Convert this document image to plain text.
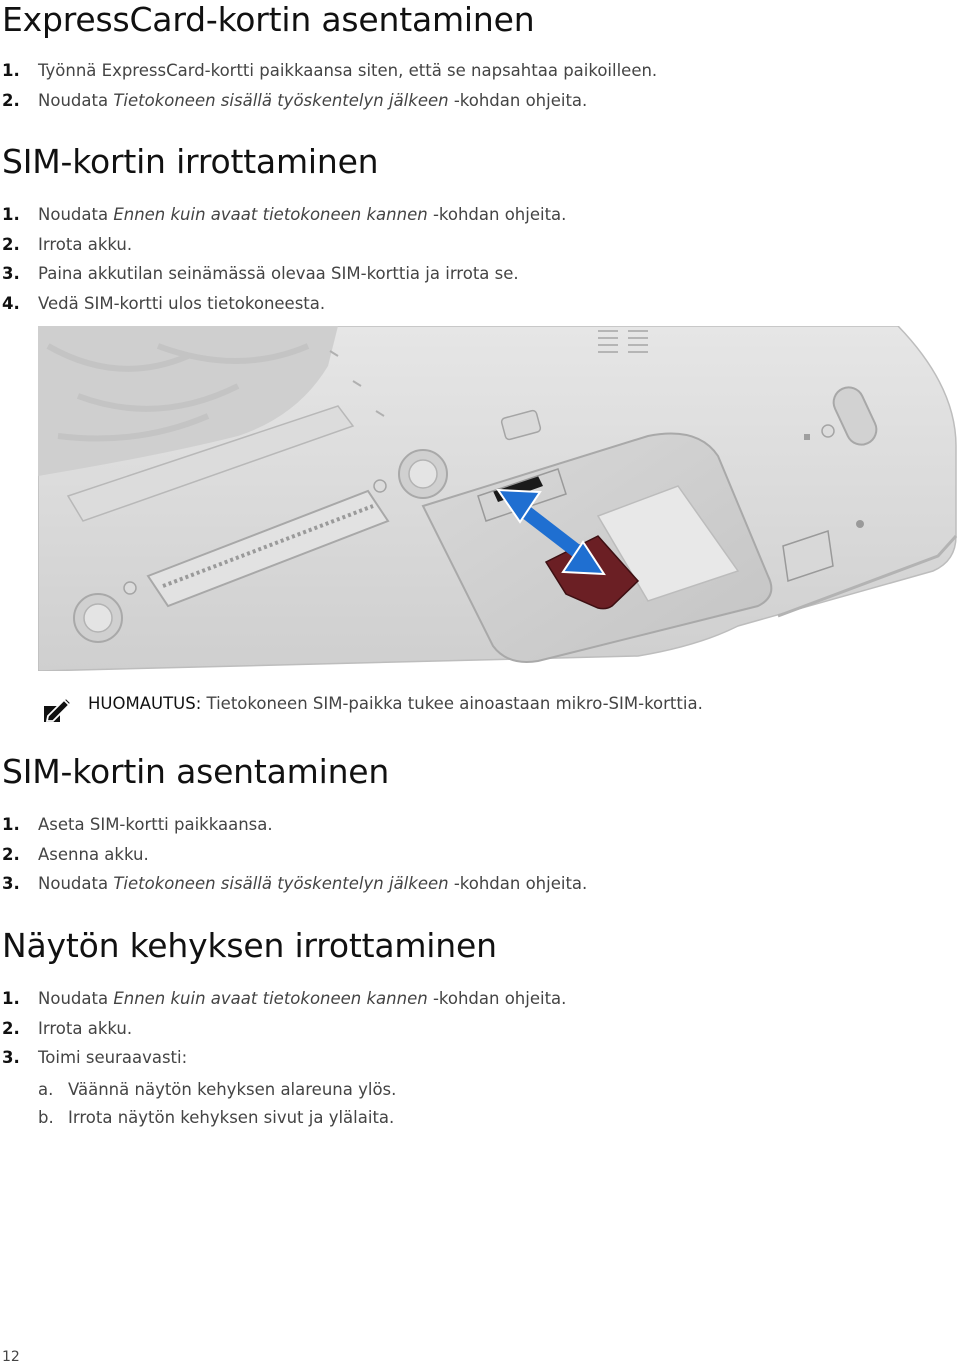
ExpressCard-kortin asentaminen
1.	Työnnä ExpressCard-kortti paikkaansa siten, että se napsahtaa paikoilleen.
2.	Noudata Tietokoneen sisällä työskentelyn jälkeen -kohdan ohjeita.
SIM-kortin irrottaminen
1.	Noudata Ennen kuin avaat tietokoneen kannen -kohdan ohjeita.
2.	Irrota akku.
3.	Paina akkutilan seinämässä olevaa SIM-korttia ja irrota se.
4.	Vedä SIM-kortti ulos tietokoneesta.
HUOMAUTUS: Tietokoneen SIM-paikka tukee ainoastaan mikro-SIM-korttia.
SIM-kortin asentaminen
1.	Aseta SIM-kortti paikkaansa.
2.	Asenna akku.
3.	Noudata Tietokoneen sisällä työskentelyn jälkeen -kohdan ohjeita.
Näytön kehyksen irrottaminen
1.	Noudata Ennen kuin avaat tietokoneen kannen -kohdan ohjeita.
2.	Irrota akku.
3.	Toimi seuraavasti:
a. Väännä näytön kehyksen alareuna ylös.
b. Irrota näytön kehyksen sivut ja ylälaita.
12
